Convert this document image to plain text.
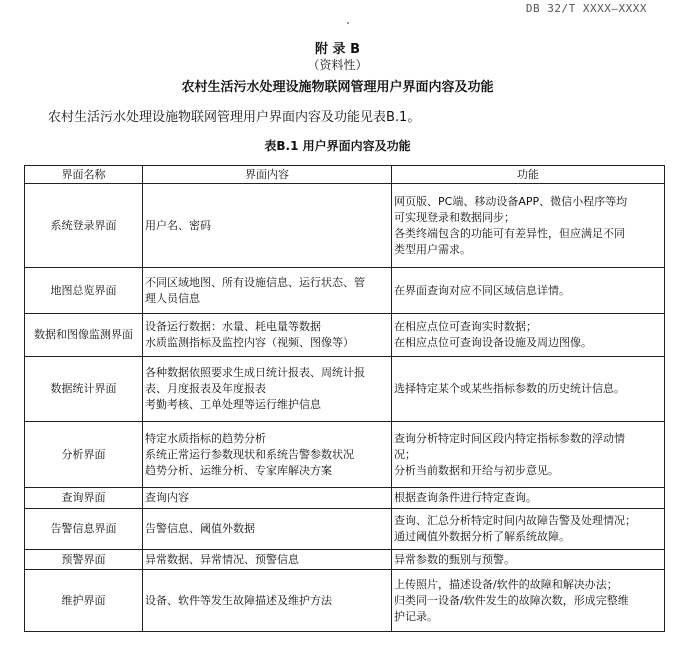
DB 32/T XXXX—XXXX
附 录 B
（资料性）
农村生活污水处理设施物联网管理用户界面内容及功能
农村生活污水处理设施物联网管理用户界面内容及功能见表B.1。
表B.1 用户界面内容及功能
界面名称	界面内容	功能
系统登录界面	用户名、密码	网页版、PC端、移动设备APP、微信小程序等均
可实现登录和数据同步；
各类终端包含的功能可有差异性，但应满足不同
类型用户需求。

地图总览界面	不同区域地图、所有设施信息、运行状态、管
理人员信息	在界面查询对应不同区域信息详情。

数据和图像监测界面	设备运行数据：水量、耗电量等数据
水质监测指标及监控内容（视频、图像等）	在相应点位可查询实时数据；
在相应点位可查询设备设施及周边图像。

数据统计界面	各种数据依照要求生成日统计报表、周统计报
表、月度报表及年度报表
考勤考核、工单处理等运行维护信息	选择特定某个或某些指标参数的历史统计信息。

分析界面	特定水质指标的趋势分析
系统正常运行参数现状和系统告警参数状况
趋势分析、运维分析、专家库解决方案	查询分析特定时间区段内特定指标参数的浮动情
况；
分析当前数据和开给与初步意见。

查询界面	查询内容	根据查询条件进行特定查询。

告警信息界面	告警信息、阈值外数据	查询、汇总分析特定时间内故障告警及处理情况；
通过阈值外数据分析了解系统故障。

预警界面	异常数据、异常情况、预警信息	异常参数的甄别与预警。

维护界面	设备、软件等发生故障描述及维护方法	上传照片，描述设备/软件的故障和解决办法；
归类同一设备/软件发生的故障次数，形成完整维
护记录。
